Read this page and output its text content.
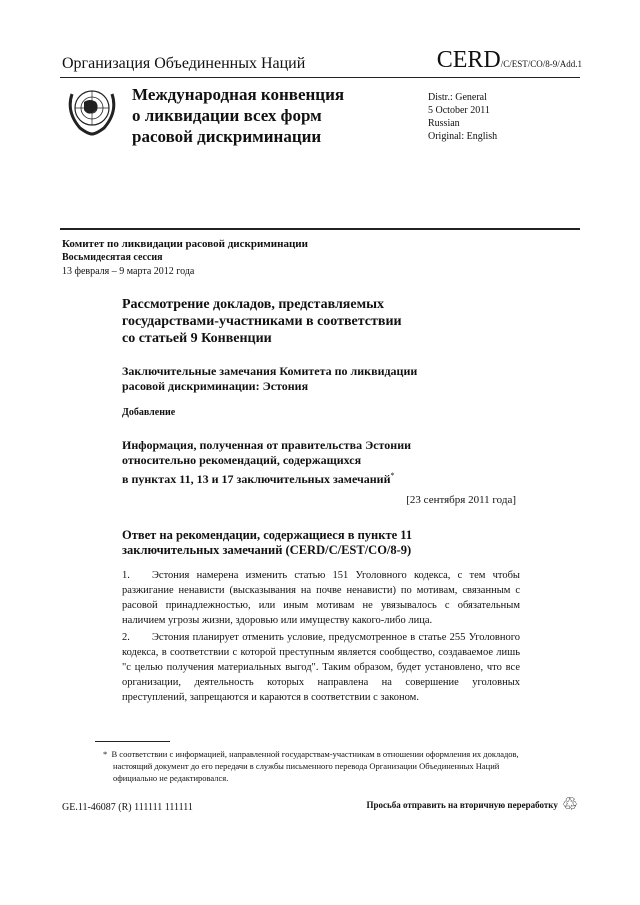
Организация Объединенных Наций	CERD/C/EST/CO/8-9/Add.1
Международная конвенция
о ликвидации всех форм
расовой дискриминации
Distr.: General
5 October 2011
Russian
Original: English
Комитет по ликвидации расовой дискриминации
Восьмидесятая сессия
13 февраля – 9 марта 2012 года
Рассмотрение докладов, представляемых
государствами-участниками в соответствии
со статьей 9 Конвенции
Заключительные замечания Комитета по ликвидации
расовой дискриминации: Эстония
Добавление
Информация, полученная от правительства Эстонии
относительно рекомендаций, содержащихся
в пунктах 11, 13 и 17 заключительных замечаний*
[23 сентября 2011 года]
Ответ на рекомендации, содержащиеся в пункте 11
заключительных замечаний (CERD/C/EST/CO/8-9)
1. Эстония намерена изменить статью 151 Уголовного кодекса, с тем чтобы разжигание ненависти (высказывания на почве ненависти) по мотивам, связанным с расовой принадлежностью, или иным мотивам не увязывалось с обязательным наличием угрозы жизни, здоровью или имуществу какого-либо лица.
2. Эстония планирует отменить условие, предусмотренное в статье 255 Уголовного кодекса, в соответствии с которой преступным является сообщество, создаваемое лишь "с целью получения материальных выгод". Таким образом, будет установлено, что все организации, деятельность которых направлена на совершение уголовных преступлений, запрещаются и караются в соответствии с законом.
* В соответствии с информацией, направленной государствам-участникам в отношении оформления их докладов, настоящий документ до его передачи в службы письменного перевода Организации Объединенных Наций официально не редактировался.
GE.11-46087 (R) 111111 111111	Просьба отправить на вторичную переработку ♲
